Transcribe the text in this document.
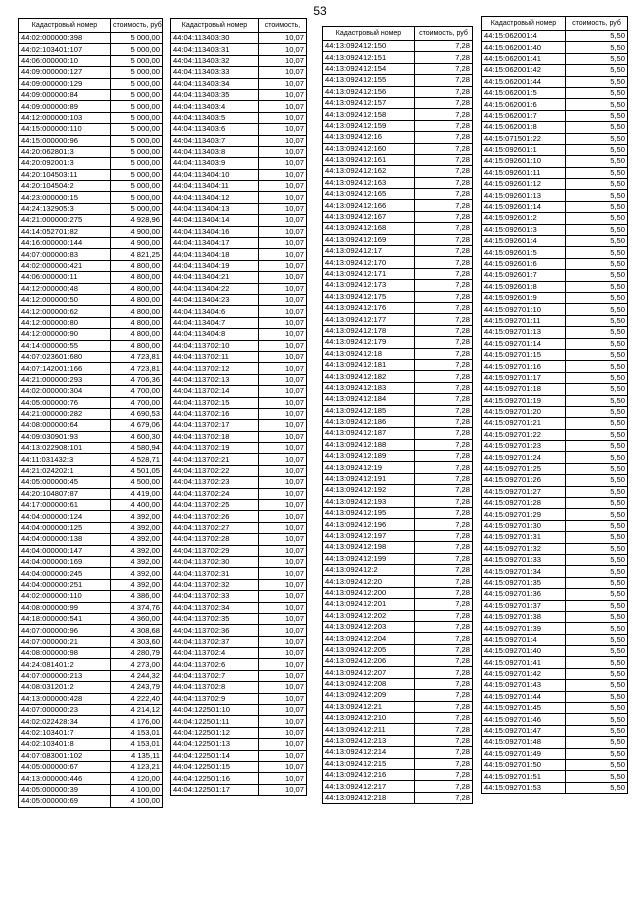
53
Кадастровый номер	стоимость, руб
44:02:000000:398	5 000,00
44:02:103401:107	5 000,00
44:06:000000:10	5 000,00
44:09:000000:127	5 000,00
44:09:000000:129	5 000,00
44:09:000000:84	5 000,00
44:09:000000:89	5 000,00
44:12:000000:103	5 000,00
44:15:000000:110	5 000,00
44:15:000000:96	5 000,00
44:20:062801:3	5 000,00
44:20:092001:3	5 000,00
44:20:104503:11	5 000,00
44:20:104504:2	5 000,00
44:23:000000:15	5 000,00
44:24:132905:3	5 000,00
44:21:000000:275	4 928,96
44:14:052701:82	4 900,00
44:16:000000:144	4 900,00
44:07:000000:83	4 821,25
44:02:000000:421	4 800,00
44:06:000000:11	4 800,00
44:12:000000:48	4 800,00
44:12:000000:50	4 800,00
44:12:000000:62	4 800,00
44:12:000000:80	4 800,00
44:12:000000:90	4 800,00
44:14:000000:55	4 800,00
44:07:023601:680	4 723,81
44:07:142001:166	4 723,81
44:21:000000:293	4 706,36
44:02:000000:304	4 700,00
44:05:000000:76	4 700,00
44:21:000000:282	4 690,53
44:08:000000:64	4 679,06
44:09:030901:93	4 600,30
44:13:022908:101	4 580,94
44:11:031432:3	4 528,71
44:21:024202:1	4 501,05
44:05:000000:45	4 500,00
44:20:104807:87	4 419,00
44:17:000000:61	4 400,00
44:04:000000:124	4 392,00
44:04:000000:125	4 392,00
44:04:000000:138	4 392,00
44:04:000000:147	4 392,00
44:04:000000:169	4 392,00
44:04:000000:245	4 392,00
44:04:000000:251	4 392,00
44:02:000000:110	4 386,00
44:08:000000:99	4 374,76
44:18:000000:541	4 360,00
44:07:000000:96	4 308,68
44:07:000000:21	4 303,60
44:08:000000:98	4 280,79
44:24:081401:2	4 273,00
44:07:000000:213	4 244,32
44:08:031201:2	4 243,79
44:13:000000:428	4 222,40
44:07:000000:23	4 214,12
44:02:022428:34	4 176,00
44:02:103401:7	4 153,01
44:02:103401:8	4 153,01
44:07:083001:102	4 135,11
44:05:000000:67	4 123,21
44:13:000000:446	4 120,00
44:05:000000:39	4 100,00
44:05:000000:69	4 100,00
Кадастровый номер	стоимость,
44:04:113403:30	10,07
44:04:113403:31	10,07
44:04:113403:32	10,07
44:04:113403:33	10,07
44:04:113403:34	10,07
44:04:113403:35	10,07
44:04:113403:4	10,07
44:04:113403:5	10,07
44:04:113403:6	10,07
44:04:113403:7	10,07
44:04:113403:8	10,07
44:04:113403:9	10,07
44:04:113404:10	10,07
44:04:113404:11	10,07
44:04:113404:12	10,07
44:04:113404:13	10,07
44:04:113404:14	10,07
44:04:113404:16	10,07
44:04:113404:17	10,07
44:04:113404:18	10,07
44:04:113404:19	10,07
44:04:113404:21	10,07
44:04:113404:22	10,07
44:04:113404:23	10,07
44:04:113404:6	10,07
44:04:113404:7	10,07
44:04:113404:8	10,07
44:04:113702:10	10,07
44:04:113702:11	10,07
44:04:113702:12	10,07
44:04:113702:13	10,07
44:04:113702:14	10,07
44:04:113702:15	10,07
44:04:113702:16	10,07
44:04:113702:17	10,07
44:04:113702:18	10,07
44:04:113702:19	10,07
44:04:113702:21	10,07
44:04:113702:22	10,07
44:04:113702:23	10,07
44:04:113702:24	10,07
44:04:113702:25	10,07
44:04:113702:26	10,07
44:04:113702:27	10,07
44:04:113702:28	10,07
44:04:113702:29	10,07
44:04:113702:30	10,07
44:04:113702:31	10,07
44:04:113702:32	10,07
44:04:113702:33	10,07
44:04:113702:34	10,07
44:04:113702:35	10,07
44:04:113702:36	10,07
44:04:113702:37	10,07
44:04:113702:4	10,07
44:04:113702:6	10,07
44:04:113702:7	10,07
44:04:113702:8	10,07
44:04:113702:9	10,07
44:04:122501:10	10,07
44:04:122501:11	10,07
44:04:122501:12	10,07
44:04:122501:13	10,07
44:04:122501:14	10,07
44:04:122501:15	10,07
44:04:122501:16	10,07
44:04:122501:17	10,07
Кадастровый номер	стоимость, руб
44:13:092412:150	7,28
44:13:092412:151	7,28
44:13:092412:154	7,28
44:13:092412:155	7,28
44:13:092412:156	7,28
44:13:092412:157	7,28
44:13:092412:158	7,28
44:13:092412:159	7,28
44:13:092412:16	7,28
44:13:092412:160	7,28
44:13:092412:161	7,28
44:13:092412:162	7,28
44:13:092412:163	7,28
44:13:092412:165	7,28
44:13:092412:166	7,28
44:13:092412:167	7,28
44:13:092412:168	7,28
44:13:092412:169	7,28
44:13:092412:17	7,28
44:13:092412:170	7,28
44:13:092412:171	7,28
44:13:092412:173	7,28
44:13:092412:175	7,28
44:13:092412:176	7,28
44:13:092412:177	7,28
44:13:092412:178	7,28
44:13:092412:179	7,28
44:13:092412:18	7,28
44:13:092412:181	7,28
44:13:092412:182	7,28
44:13:092412:183	7,28
44:13:092412:184	7,28
44:13:092412:185	7,28
44:13:092412:186	7,28
44:13:092412:187	7,28
44:13:092412:188	7,28
44:13:092412:189	7,28
44:13:092412:19	7,28
44:13:092412:191	7,28
44:13:092412:192	7,28
44:13:092412:193	7,28
44:13:092412:195	7,28
44:13:092412:196	7,28
44:13:092412:197	7,28
44:13:092412:198	7,28
44:13:092412:199	7,28
44:13:092412:2	7,28
44:13:092412:20	7,28
44:13:092412:200	7,28
44:13:092412:201	7,28
44:13:092412:202	7,28
44:13:092412:203	7,28
44:13:092412:204	7,28
44:13:092412:205	7,28
44:13:092412:206	7,28
44:13:092412:207	7,28
44:13:092412:208	7,28
44:13:092412:209	7,28
44:13:092412:21	7,28
44:13:092412:210	7,28
44:13:092412:211	7,28
44:13:092412:213	7,28
44:13:092412:214	7,28
44:13:092412:215	7,28
44:13:092412:216	7,28
44:13:092412:217	7,28
44:13:092412:218	7,28
Кадастровый номер	стоимость, руб
44:15:062001:4	5,50
44:15:062001:40	5,50
44:15:062001:41	5,50
44:15:062001:42	5,50
44:15:062001:44	5,50
44:15:062001:5	5,50
44:15:062001:6	5,50
44:15:062001:7	5,50
44:15:062001:8	5,50
44:15:071501:22	5,50
44:15:092601:1	5,50
44:15:092601:10	5,50
44:15:092601:11	5,50
44:15:092601:12	5,50
44:15:092601:13	5,50
44:15:092601:14	5,50
44:15:092601:2	5,50
44:15:092601:3	5,50
44:15:092601:4	5,50
44:15:092601:5	5,50
44:15:092601:6	5,50
44:15:092601:7	5,50
44:15:092601:8	5,50
44:15:092601:9	5,50
44:15:092701:10	5,50
44:15:092701:11	5,50
44:15:092701:13	5,50
44:15:092701:14	5,50
44:15:092701:15	5,50
44:15:092701:16	5,50
44:15:092701:17	5,50
44:15:092701:18	5,50
44:15:092701:19	5,50
44:15:092701:20	5,50
44:15:092701:21	5,50
44:15:092701:22	5,50
44:15:092701:23	5,50
44:15:092701:24	5,50
44:15:092701:25	5,50
44:15:092701:26	5,50
44:15:092701:27	5,50
44:15:092701:28	5,50
44:15:092701:29	5,50
44:15:092701:30	5,50
44:15:092701:31	5,50
44:15:092701:32	5,50
44:15:092701:33	5,50
44:15:092701:34	5,50
44:15:092701:35	5,50
44:15:092701:36	5,50
44:15:092701:37	5,50
44:15:092701:38	5,50
44:15:092701:39	5,50
44:15:092701:4	5,50
44:15:092701:40	5,50
44:15:092701:41	5,50
44:15:092701:42	5,50
44:15:092701:43	5,50
44:15:092701:44	5,50
44:15:092701:45	5,50
44:15:092701:46	5,50
44:15:092701:47	5,50
44:15:092701:48	5,50
44:15:092701:49	5,50
44:15:092701:50	5,50
44:15:092701:51	5,50
44:15:092701:53	5,50
